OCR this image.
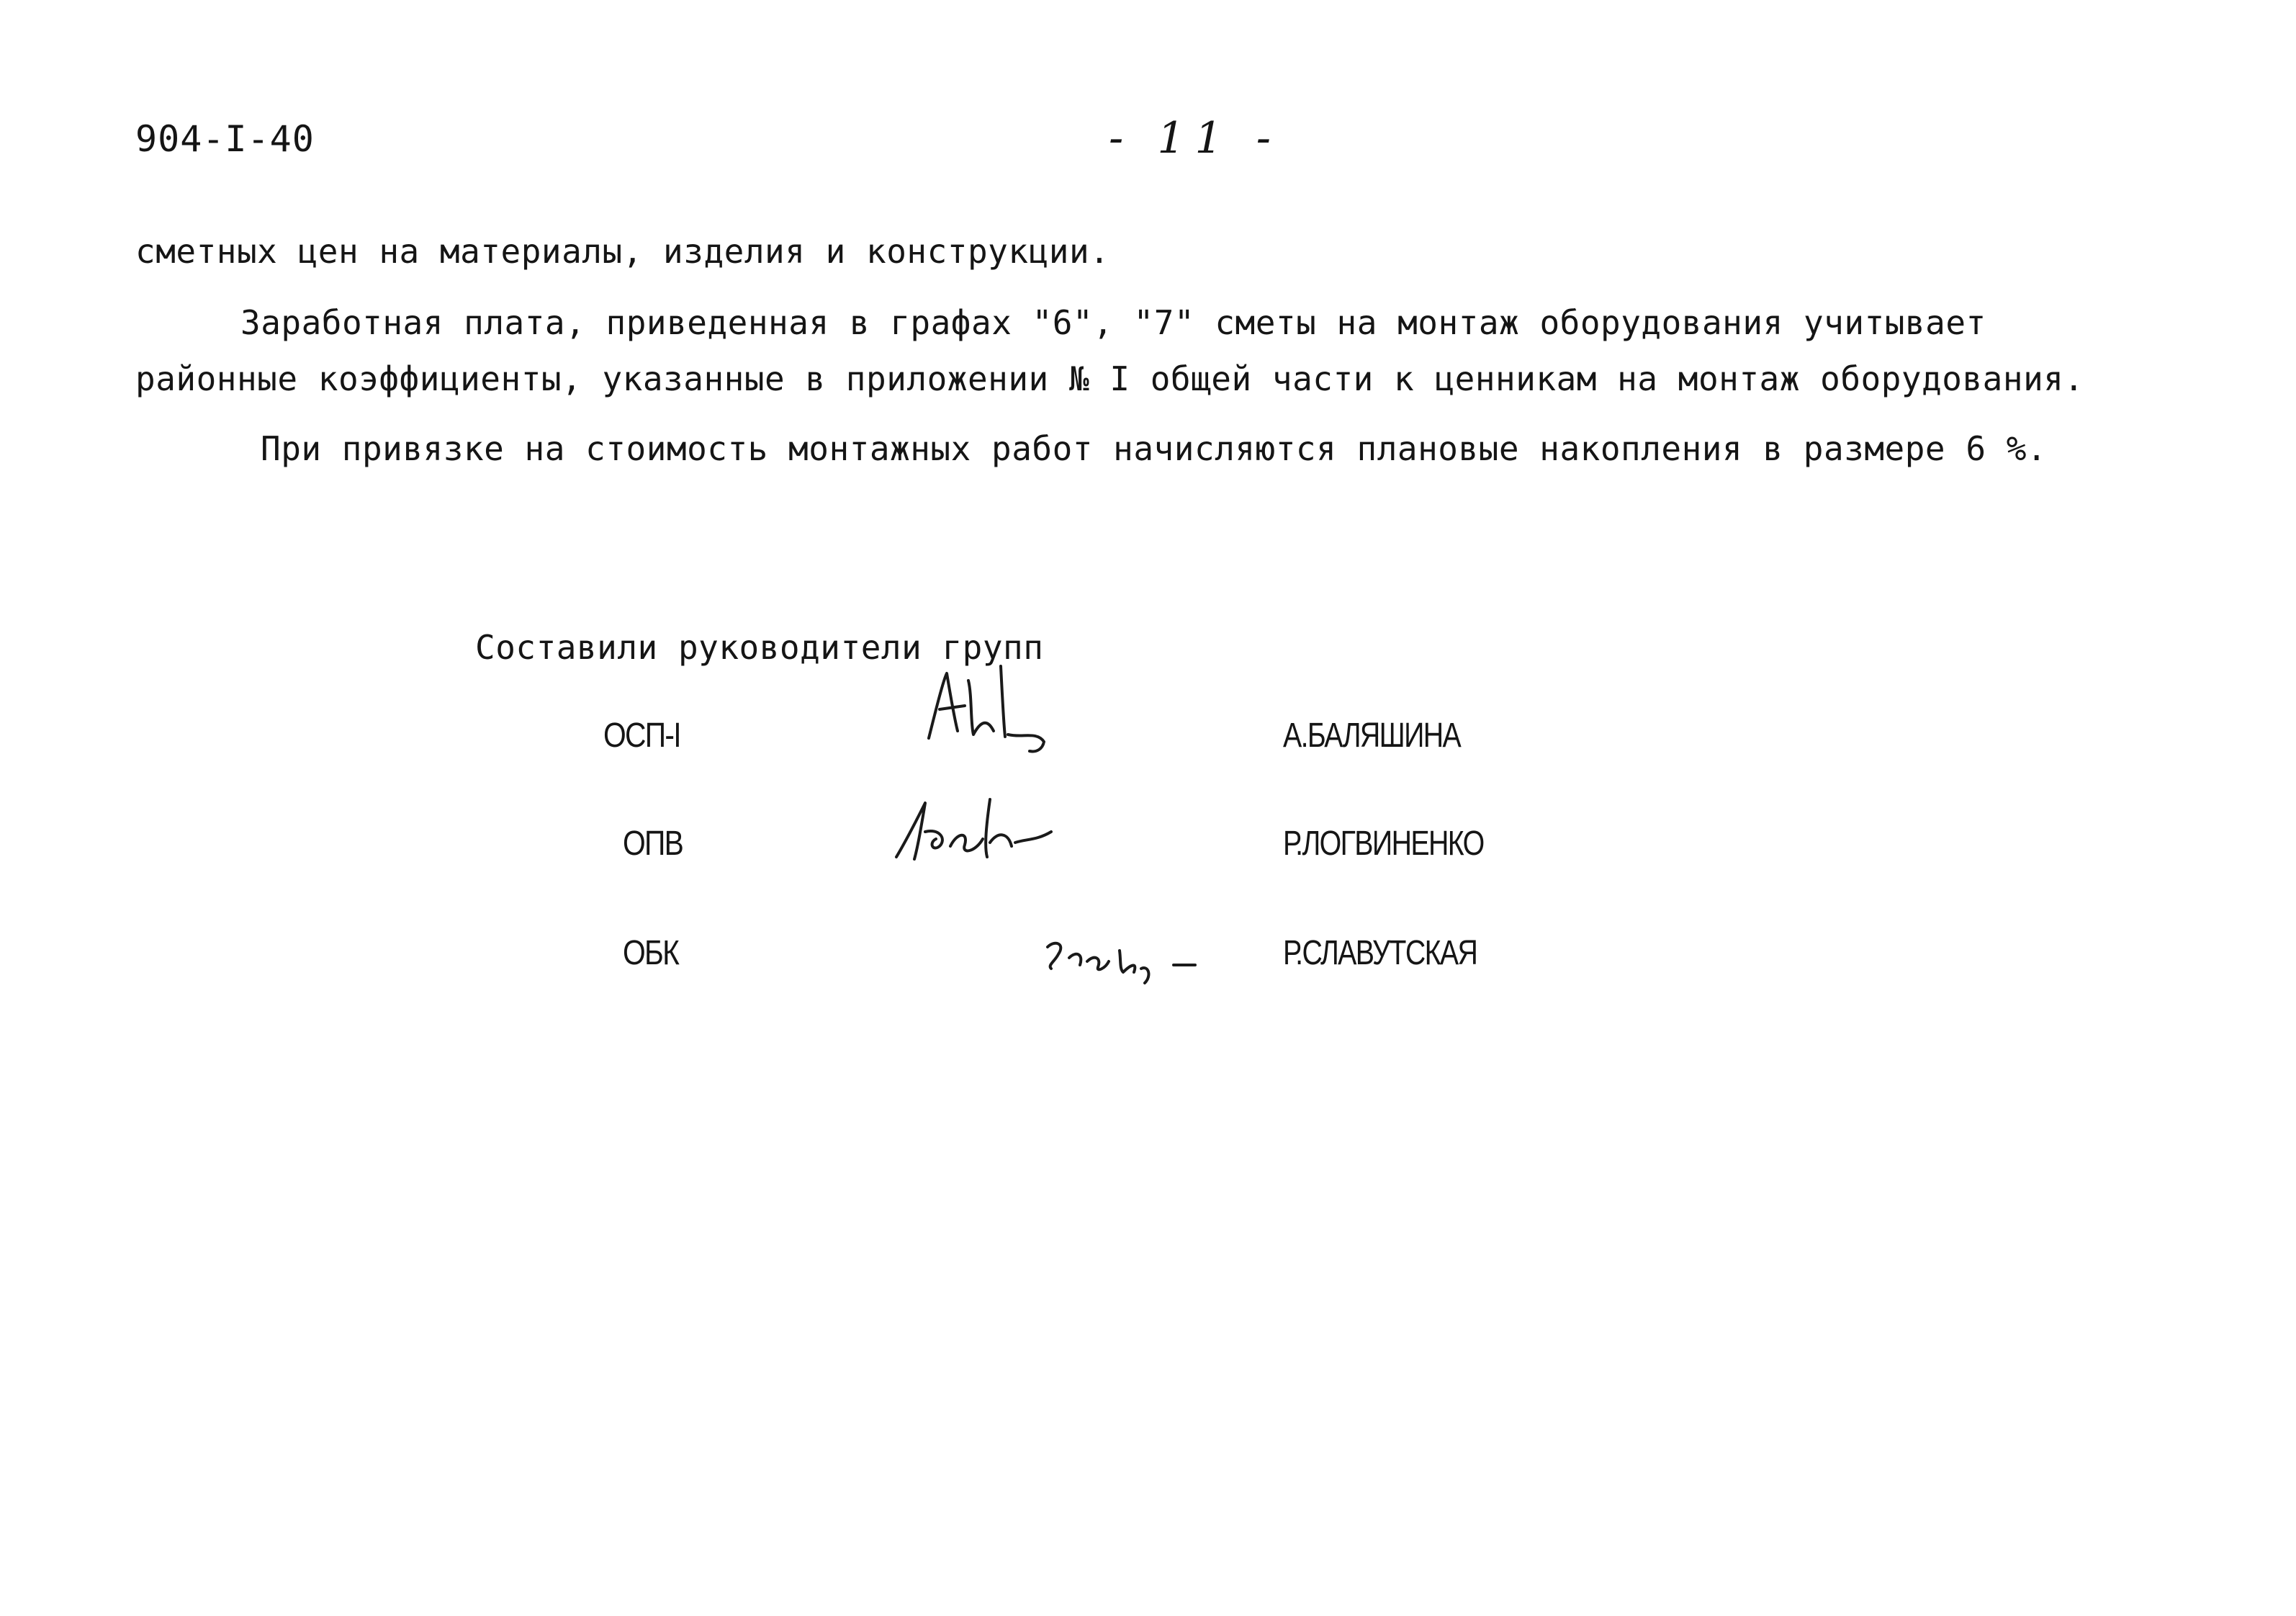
904-I-40	- 11 -
сметных цен на материалы, изделия и конструкции.
Заработная плата, приведенная в графах "6", "7" сметы на монтаж оборудования учитывает
районные коэффициенты, указанные в приложении № I общей части к ценникам на монтаж оборудования.
При привязке на стоимость монтажных работ начисляются плановые накопления в размере 6 %.
Составили руководители групп
ОСП-I	А.БАЛЯШИНА
ОПВ	Р.ЛОГВИНЕНКО
ОБК	Р.СЛАВУТСКАЯ
